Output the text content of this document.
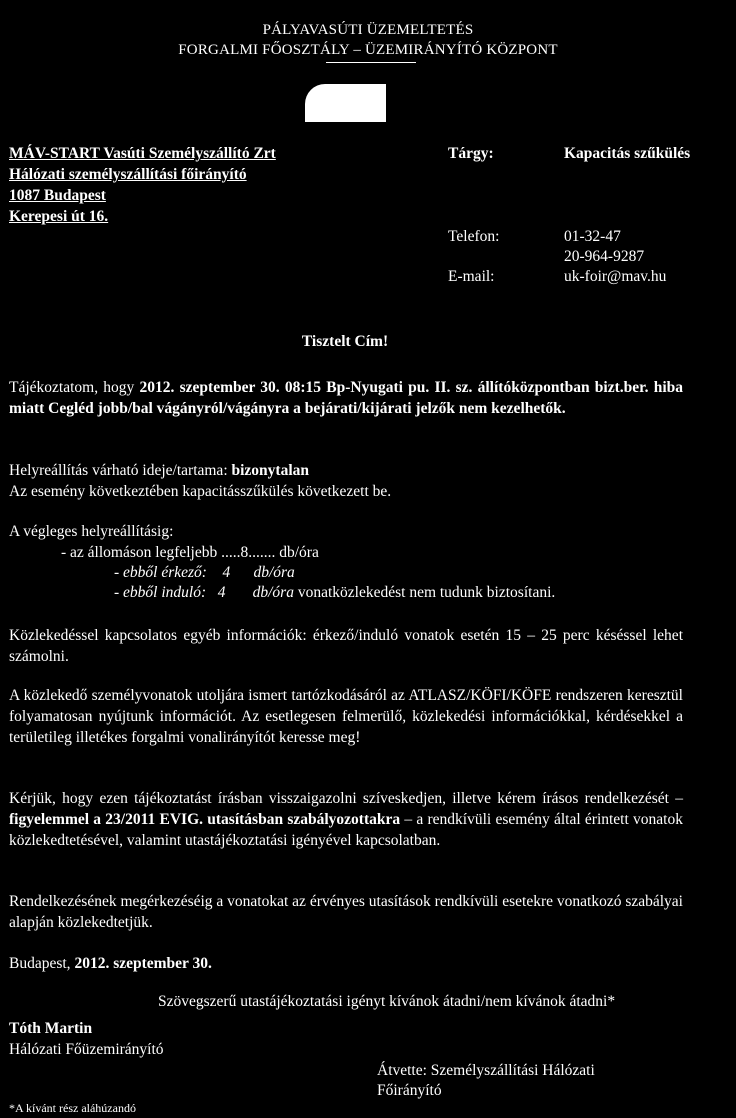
PÁLYAVASÚTI ÜZEMELTETÉS
FORGALMI FŐOSZTÁLY – ÜZEMIRÁNYÍTÓ KÖZPONT
MÁV-START Vasúti Személyszállító Zrt
Hálózati személyszállítási főirányító
1087 Budapest
Kerepesi út 16.
Tárgy:	Kapacitás szűkülés
Telefon:	01-32-47
20-964-9287
E-mail:	uk-foir@mav.hu
Tisztelt Cím!
Tájékoztatom, hogy 2012. szeptember 30. 08:15 Bp-Nyugati pu. II. sz. állítóközpontban bizt.ber. hiba miatt Cegléd jobb/bal vágányról/vágányra a bejárati/kijárati jelzők nem kezelhetők.
Helyreállítás várható ideje/tartama: bizonytalan
Az esemény következtében kapacitásszűkülés következett be.
A végleges helyreállításig:
- az állomáson legfeljebb .....8....... db/óra
- ebből érkező:    4      db/óra
- ebből induló:   4       db/óra vonatközlekedést nem tudunk biztosítani.
Közlekedéssel kapcsolatos egyéb információk: érkező/induló vonatok esetén 15 – 25 perc késéssel lehet számolni.
A közlekedő személyvonatok utoljára ismert tartózkodásáról az ATLASZ/KÖFI/KÖFE rendszeren keresztül folyamatosan nyújtunk információt. Az esetlegesen felmerülő, közlekedési információkkal, kérdésekkel a területileg illetékes forgalmi vonalirányítót keresse meg!
Kérjük, hogy ezen tájékoztatást írásban visszaigazolni szíveskedjen, illetve kérem írásos rendelkezését – figyelemmel a 23/2011 EVIG. utasításban szabályozottakra – a rendkívüli esemény által érintett vonatok közlekedtetésével, valamint utastájékoztatási igényével kapcsolatban.
Rendelkezésének megérkezéséig a vonatokat az érvényes utasítások rendkívüli esetekre vonatkozó szabályai alapján közlekedtetjük.
Budapest, 2012. szeptember 30.
Szövegszerű utastájékoztatási igényt kívánok átadni/nem kívánok átadni*
Tóth Martin
Hálózati Főüzemirányító
Átvette: Személyszállítási Hálózati
Főirányító
*A kívánt rész aláhúzandó
